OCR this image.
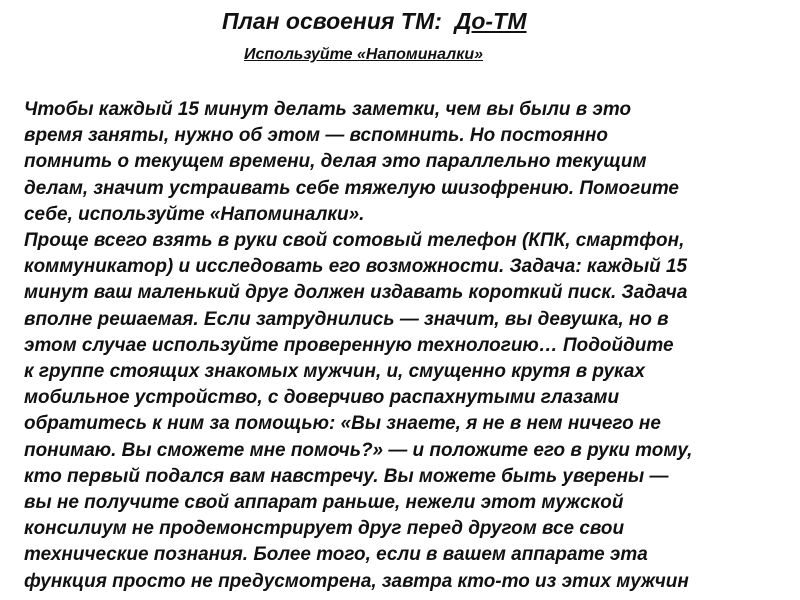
План освоения ТМ: До-ТМ
Используйте «Напоминалки»
Чтобы каждый 15 минут делать заметки, чем вы были в это
время заняты, нужно об этом — вспомнить. Но постоянно
помнить о текущем времени, делая это параллельно текущим
делам, значит устраивать себе тяжелую шизофрению. Помогите
себе, используйте «Напоминалки».
Проще всего взять в руки свой сотовый телефон (КПК, смартфон,
коммуникатор) и исследовать его возможности. Задача: каждый 15
минут ваш маленький друг должен издавать короткий писк. Задача
вполне решаемая. Если затруднились — значит, вы девушка, но в
этом случае используйте проверенную технологию… Подойдите
к группе стоящих знакомых мужчин, и, смущенно крутя в руках
мобильное устройство, с доверчиво распахнутыми глазами
обратитесь к ним за помощью: «Вы знаете, я не в нем ничего не
понимаю. Вы сможете мне помочь?» — и положите его в руки тому,
кто первый подался вам навстречу. Вы можете быть уверены —
вы не получите свой аппарат раньше, нежели этот мужской
консилиум не продемонстрирует друг перед другом все свои
технические познания. Более того, если в вашем аппарате эта
функция просто не предусмотрена, завтра кто-то из этих мужчин
